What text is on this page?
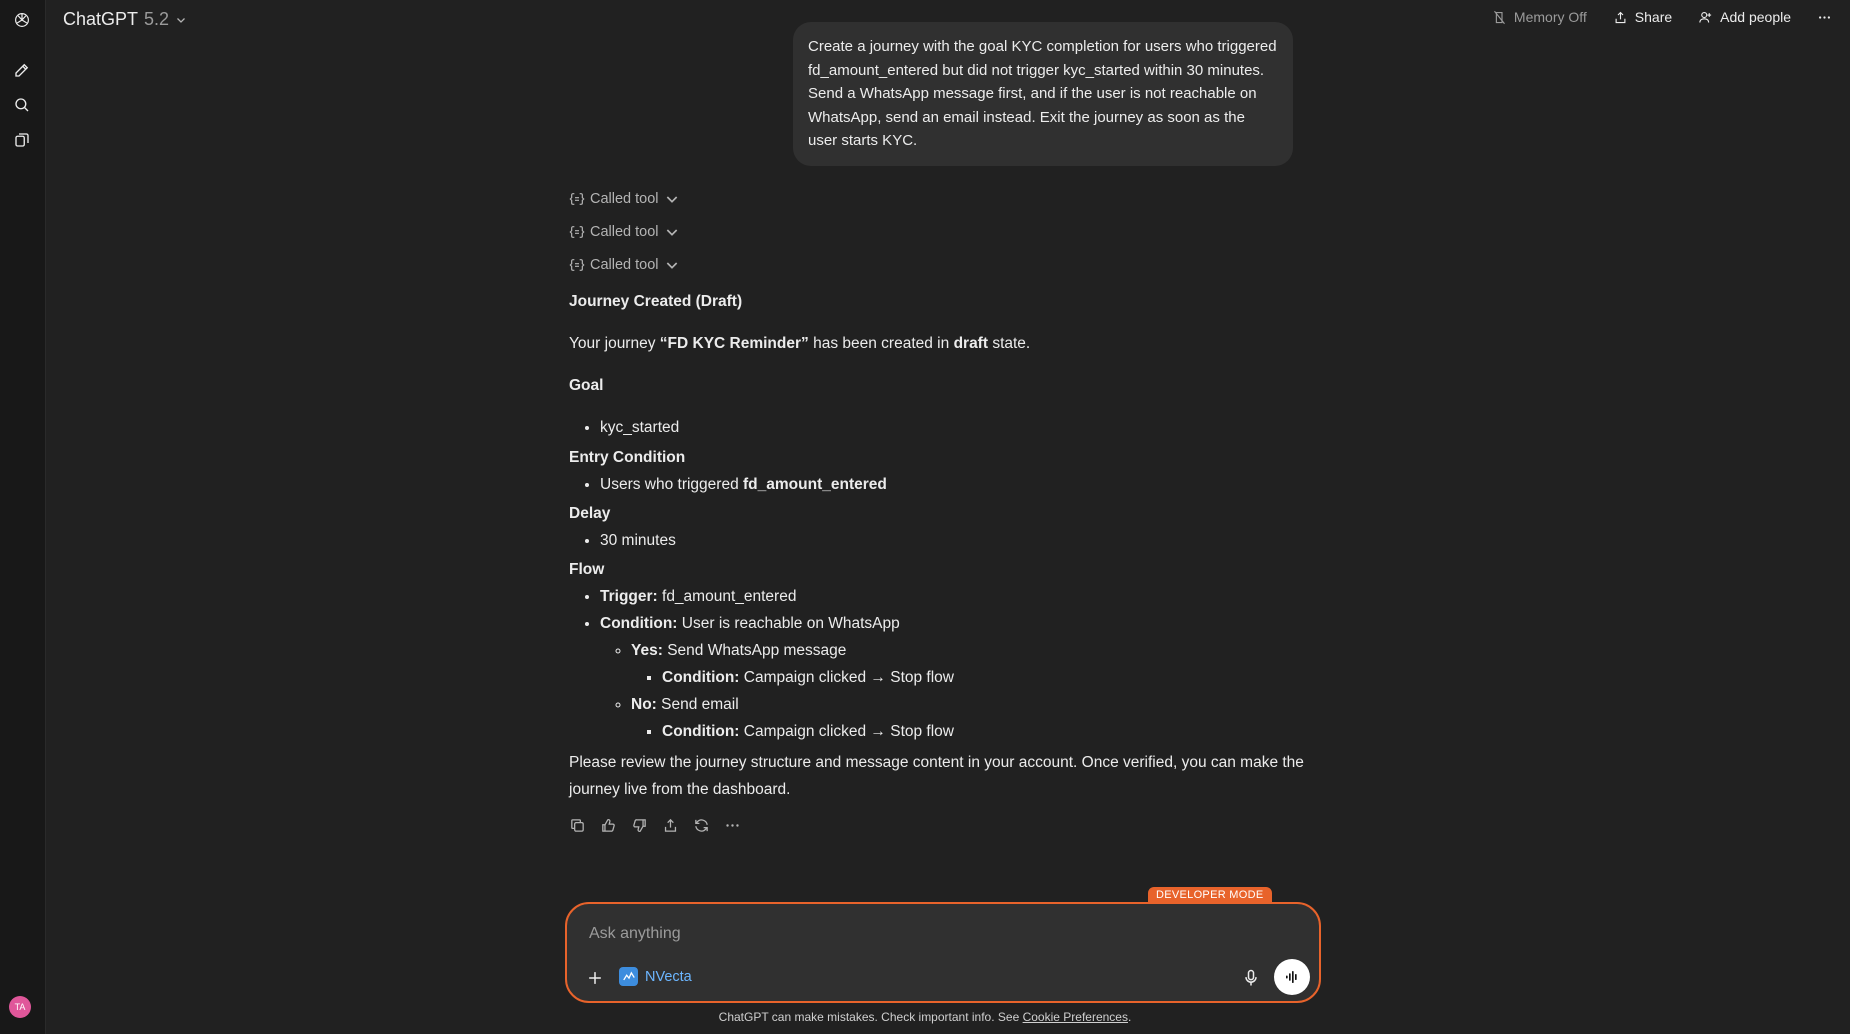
TA
ChatGPT 5.2	Memory Off	Share	Add people
Create a journey with the goal KYC completion for users who triggered fd_amount_entered but did not trigger kyc_started within 30 minutes. Send a WhatsApp message first, and if the user is not reachable on WhatsApp, send an email instead. Exit the journey as soon as the user starts KYC.
Called tool
Called tool
Called tool

Journey Created (Draft)

Your journey “FD KYC Reminder” has been created in draft state.

Goal

• kyc_started

Entry Condition

• Users who triggered fd_amount_entered

Delay

• 30 minutes

Flow

• Trigger: fd_amount_entered
• Condition: User is reachable on WhatsApp
◦ Yes: Send WhatsApp message
▪ Condition: Campaign clicked → Stop flow
◦ No: Send email
▪ Condition: Campaign clicked → Stop flow

Please review the journey structure and message content in your account. Once verified, you can make the journey live from the dashboard.

DEVELOPER MODE
Ask anything
NVecta
ChatGPT can make mistakes. Check important info. See Cookie Preferences.
